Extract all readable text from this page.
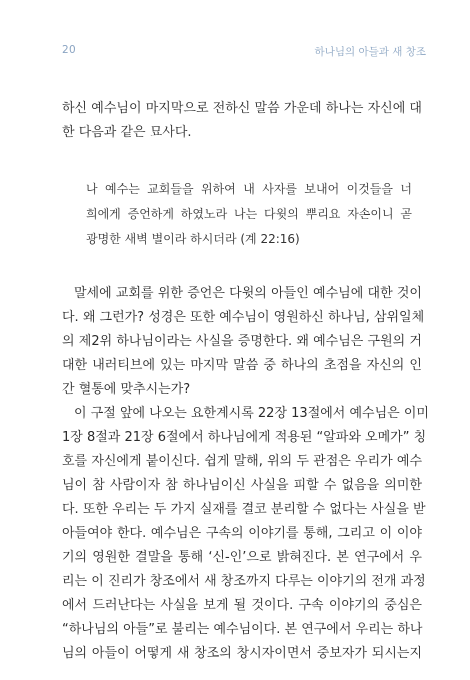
20	하나님의 아들과 새 창조

하신 예수님이 마지막으로 전하신 말씀 가운데 하나는 자신에 대
한 다음과 같은 묘사다.

나 예수는 교회들을 위하여 내 사자를 보내어 이것들을 너
희에게 증언하게 하였노라 나는 다윗의 뿌리요 자손이니 곧
광명한 새벽 별이라 하시더라 (계 22:16)

말세에 교회를 위한 증언은 다윗의 아들인 예수님에 대한 것이
다. 왜 그런가? 성경은 또한 예수님이 영원하신 하나님, 삼위일체
의 제2위 하나님이라는 사실을 증명한다. 왜 예수님은 구원의 거
대한 내러티브에 있는 마지막 말씀 중 하나의 초점을 자신의 인
간 혈통에 맞추시는가?

이 구절 앞에 나오는 요한계시록 22장 13절에서 예수님은 이미
1장 8절과 21장 6절에서 하나님에게 적용된 “알파와 오메가” 칭
호를 자신에게 붙이신다. 쉽게 말해, 위의 두 관점은 우리가 예수
님이 참 사람이자 참 하나님이신 사실을 피할 수 없음을 의미한
다. 또한 우리는 두 가지 실재를 결코 분리할 수 없다는 사실을 받
아들여야 한다. 예수님은 구속의 이야기를 통해, 그리고 이 이야
기의 영원한 결말을 통해 ‘신-인’으로 밝혀진다. 본 연구에서 우
리는 이 진리가 창조에서 새 창조까지 다루는 이야기의 전개 과정
에서 드러난다는 사실을 보게 될 것이다. 구속 이야기의 중심은
“하나님의 아들”로 불리는 예수님이다. 본 연구에서 우리는 하나
님의 아들이 어떻게 새 창조의 창시자이면서 중보자가 되시는지
